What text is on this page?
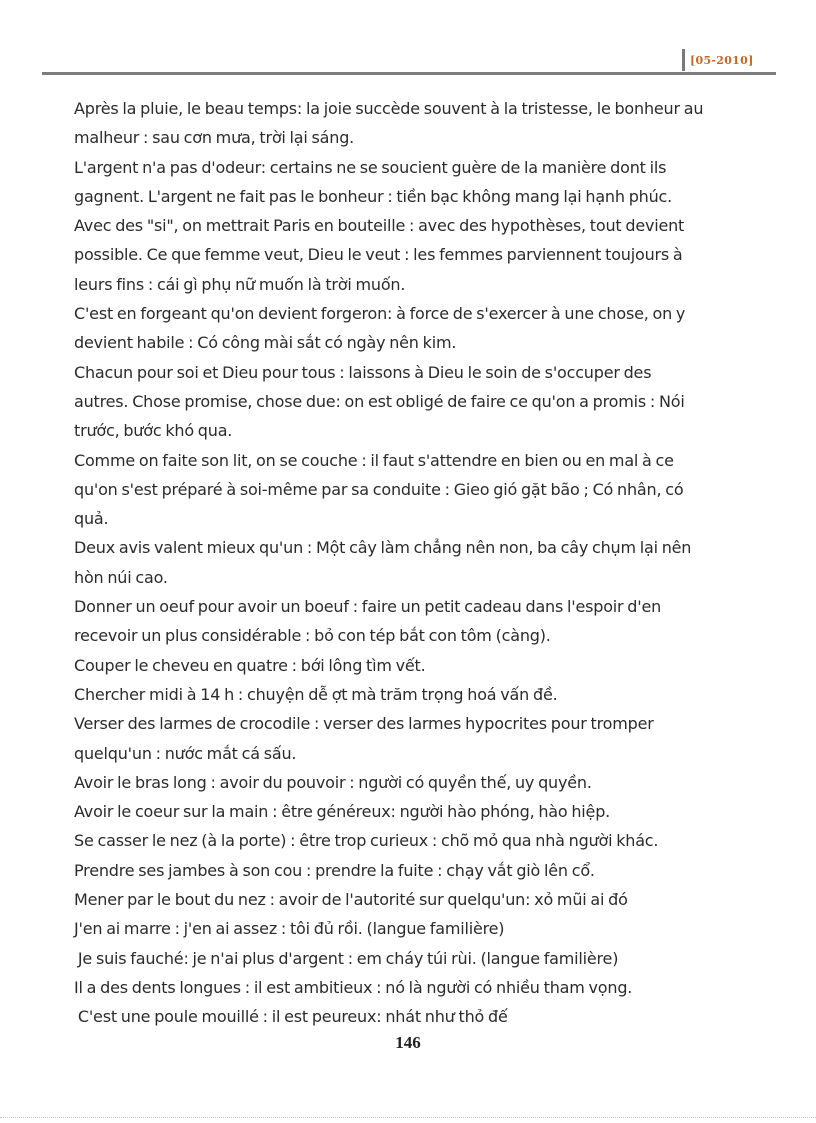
[05-2010]
Après la pluie, le beau temps: la joie succède souvent à la tristesse, le bonheur au
malheur : sau cơn mưa, trời lại sáng.
L'argent n'a pas d'odeur: certains ne se soucient guère de la manière dont ils
gagnent. L'argent ne fait pas le bonheur : tiền bạc không mang lại hạnh phúc.
Avec des "si", on mettrait Paris en bouteille : avec des hypothèses, tout devient
possible. Ce que femme veut, Dieu le veut : les femmes parviennent toujours à
leurs fins : cái gì phụ nữ muốn là trời muốn.
C'est en forgeant qu'on devient forgeron: à force de s'exercer à une chose, on y
devient habile : Có công mài sắt có ngày nên kim.
Chacun pour soi et Dieu pour tous : laissons à Dieu le soin de s'occuper des
autres. Chose promise, chose due: on est obligé de faire ce qu'on a promis : Nói
trước, bước khó qua.
Comme on faite son lit, on se couche : il faut s'attendre en bien ou en mal à ce
qu'on s'est préparé à soi-même par sa conduite : Gieo gió gặt bão ; Có nhân, có
quả.
Deux avis valent mieux qu'un : Một cây làm chẳng nên non, ba cây chụm lại nên
hòn núi cao.
Donner un oeuf pour avoir un boeuf : faire un petit cadeau dans l'espoir d'en
recevoir un plus considérable : bỏ con tép bắt con tôm (càng).
Couper le cheveu en quatre : bới lông tìm vết.
Chercher midi à 14 h : chuyện dễ ợt mà trăm trọng hoá vấn đề.
Verser des larmes de crocodile : verser des larmes hypocrites pour tromper
quelqu'un : nước mắt cá sấu.
Avoir le bras long : avoir du pouvoir : người có quyền thế, uy quyền.
Avoir le coeur sur la main : être généreux: người hào phóng, hào hiệp.
Se casser le nez (à la porte) : être trop curieux : chõ mỏ qua nhà người khác.
Prendre ses jambes à son cou : prendre la fuite : chạy vắt giò lên cổ.
Mener par le bout du nez : avoir de l'autorité sur quelqu'un: xỏ mũi ai đó
J'en ai marre : j'en ai assez : tôi đủ rồi. (langue familière)
Je suis fauché: je n'ai plus d'argent : em cháy túi rùi. (langue familière)
Il a des dents longues : il est ambitieux : nó là người có nhiều tham vọng.
C'est une poule mouillé : il est peureux: nhát như thỏ đế
146
